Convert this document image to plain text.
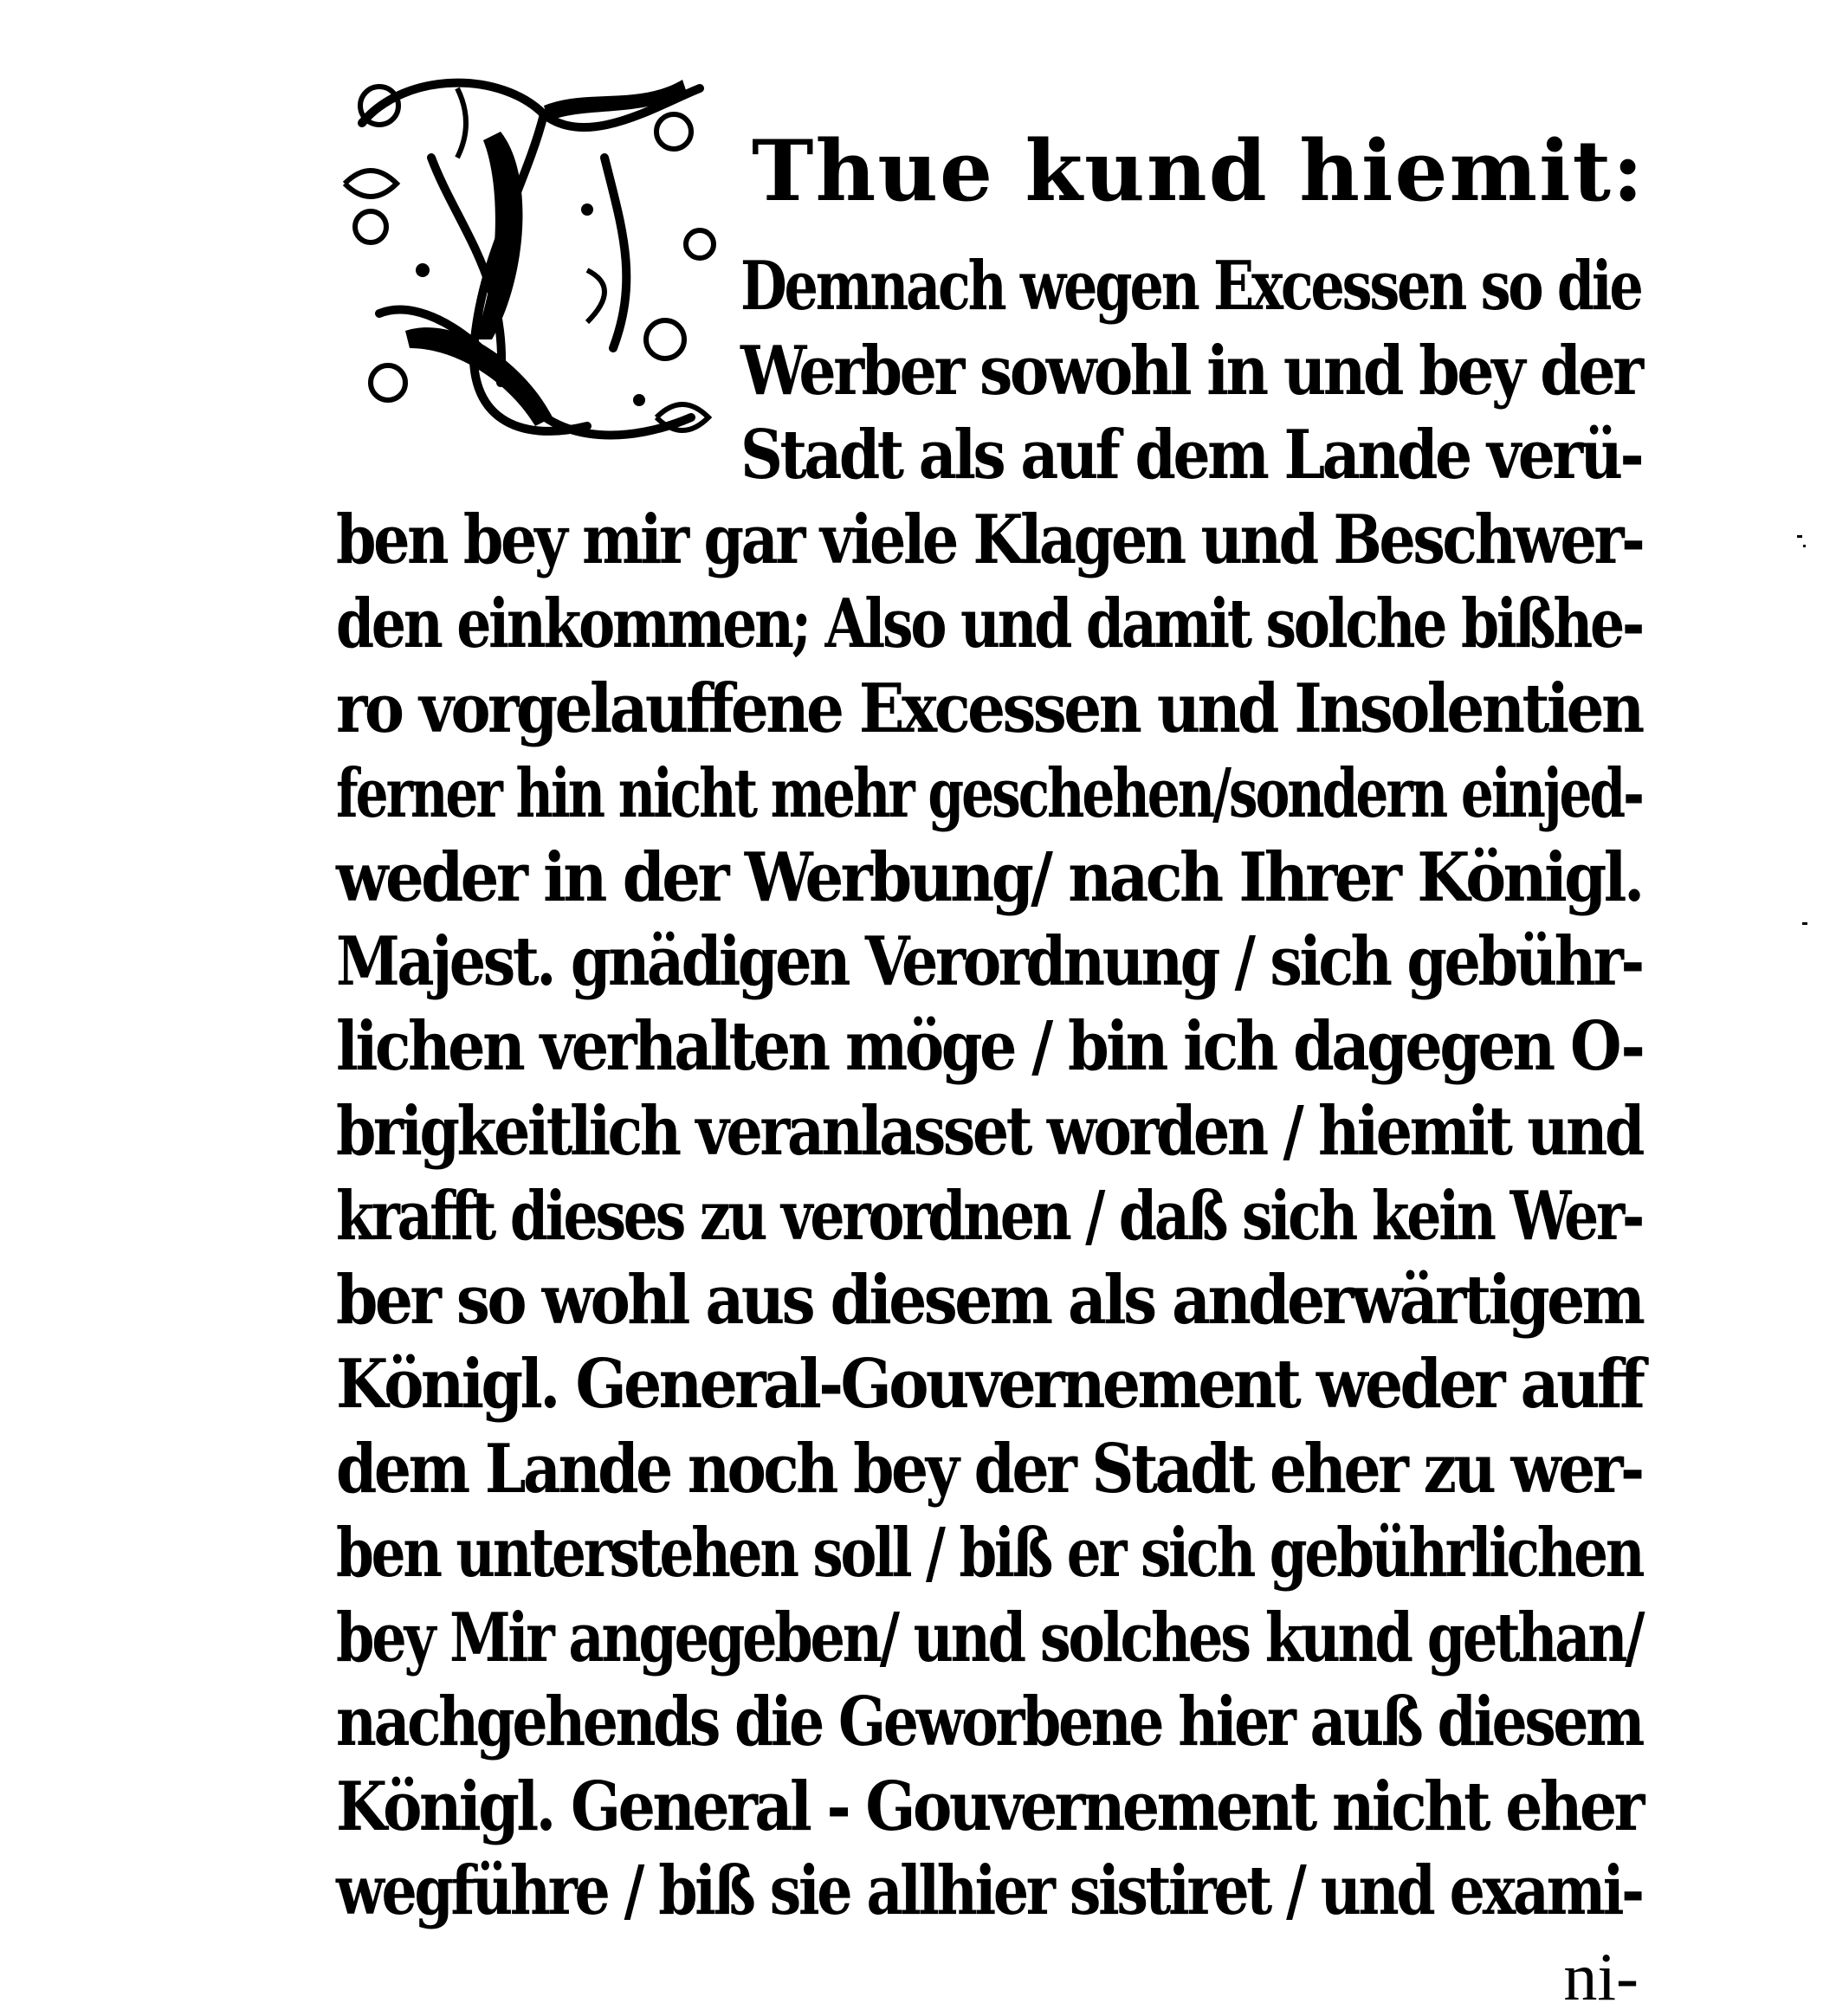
Thue kund hiemit:
Demnach wegen Excessen so die
Werber sowohl in und bey der
Stadt als auf dem Lande verü-
ben bey mir gar viele Klagen und Beschwer-
den einkommen; Also und damit solche bißhe-
ro vorgelauffene Excessen und Insolentien
ferner hin nicht mehr geschehen/sondern einjed-
weder in der Werbung/ nach Ihrer Königl.
Majest. gnädigen Verordnung / sich gebühr-
lichen verhalten möge / bin ich dagegen O-
brigkeitlich veranlasset worden / hiemit und
krafft dieses zu verordnen / daß sich kein Wer-
ber so wohl aus diesem als anderwärtigem
Königl. General-Gouvernement weder auff
dem Lande noch bey der Stadt eher zu wer-
ben unterstehen soll / biß er sich gebührlichen
bey Mir angegeben/ und solches kund gethan/
nachgehends die Geworbene hier auß diesem
Königl. General - Gouvernement nicht eher
wegführe / biß sie allhier sistiret / und exami-
ni-
